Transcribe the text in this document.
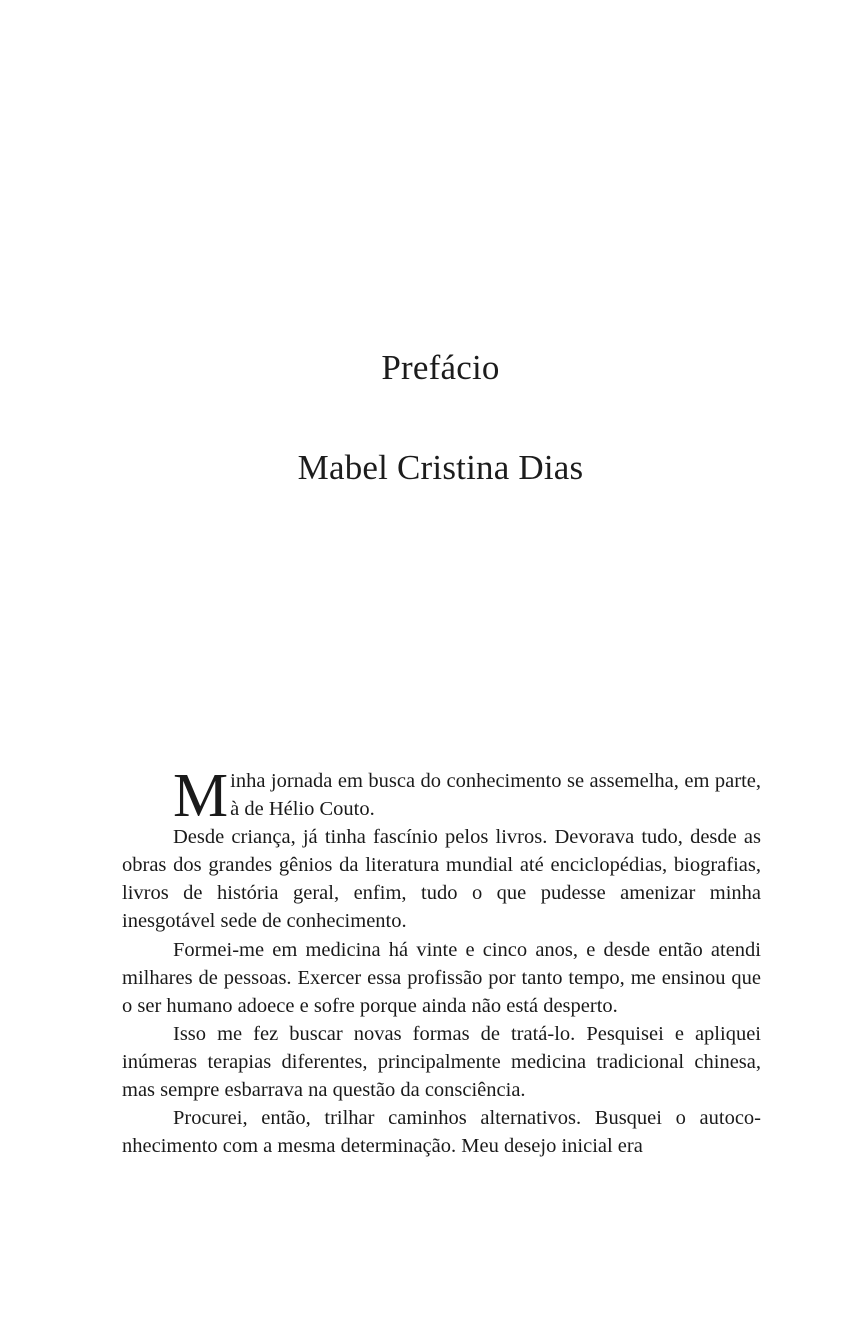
Prefácio
Mabel Cristina Dias

Minha jornada em busca do conhecimento se assemelha, em parte, à de Hélio Couto.

Desde criança, já tinha fascínio pelos livros. Devorava tudo, desde as obras dos grandes gênios da literatura mundial até enciclopédias, biografias, livros de história geral, enfim, tudo o que pudesse amenizar minha inesgotável sede de conhecimento.

Formei-me em medicina há vinte e cinco anos, e desde então atendi milhares de pessoas. Exercer essa profissão por tanto tempo, me ensinou que o ser humano adoece e sofre porque ainda não está desperto.

Isso me fez buscar novas formas de tratá-lo. Pesquisei e apliquei inúmeras terapias diferentes, principalmente medicina tradicional chinesa, mas sempre esbarrava na questão da consciência.

Procurei, então, trilhar caminhos alternativos. Busquei o autoco-nhecimento com a mesma determinação. Meu desejo inicial era
